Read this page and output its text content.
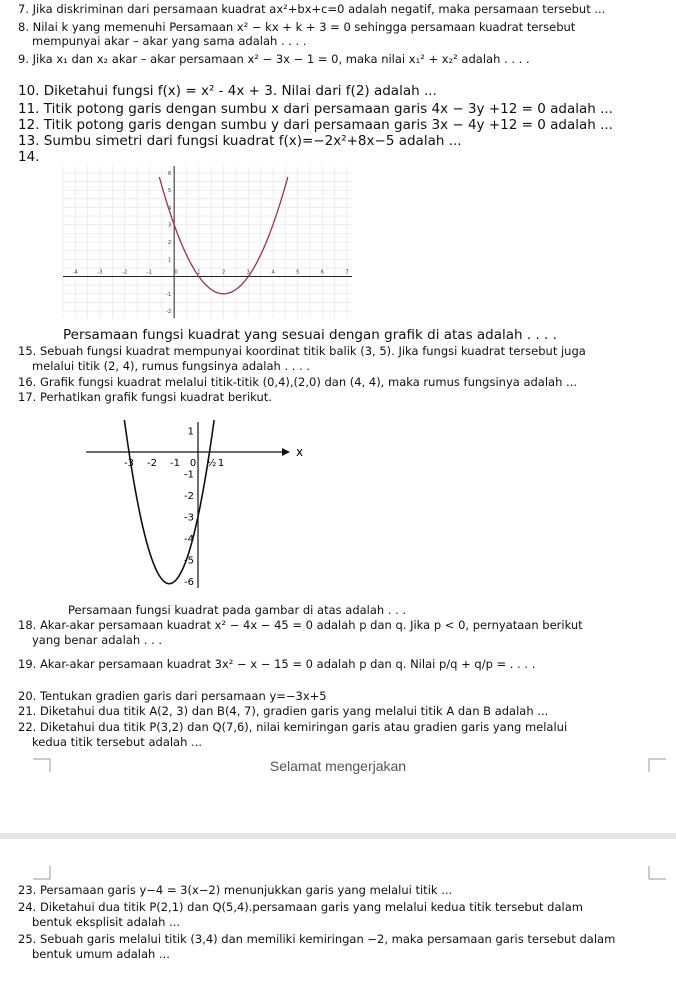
7. Jika diskriminan dari persamaan kuadrat ax²+bx+c=0 adalah negatif, maka persamaan tersebut ...
8. Nilai k yang memenuhi Persamaan x² − kx + k + 3 = 0 sehingga persamaan kuadrat tersebut
mempunyai akar – akar yang sama adalah . . . .
9. Jika x₁ dan x₂ akar – akar persamaan x² − 3x − 1 = 0, maka nilai x₁² + x₂² adalah . . . .
10. Diketahui fungsi f(x) = x² - 4x + 3. Nilai dari f(2) adalah ...
11. Titik potong garis dengan sumbu x dari persamaan garis 4x − 3y +12 = 0 adalah ...
12. Titik potong garis dengan sumbu y dari persamaan garis 3x − 4y +12 = 0 adalah ...
13. Sumbu simetri dari fungsi kuadrat f(x)=−2x²+8x−5 adalah ...
14.
-4	-3	-2	-1	0	1	2	3	4	5	6	7
-2
-1
1
2
3
4
5
6
Persamaan fungsi kuadrat yang sesuai dengan grafik di atas adalah . . . .
15. Sebuah fungsi kuadrat mempunyai koordinat titik balik (3, 5). Jika fungsi kuadrat tersebut juga
melalui titik (2, 4), rumus fungsinya adalah . . . .
16. Grafik fungsi kuadrat melalui titik-titik (0,4),(2,0) dan (4, 4), maka rumus fungsinya adalah ...
17. Perhatikan grafik fungsi kuadrat berikut.
x
-3 -2 -1 0 ½ 1
1
-1
-2
-3
-4
-5
-6
Persamaan fungsi kuadrat pada gambar di atas adalah . . .
18. Akar-akar persamaan kuadrat x² − 4x − 45 = 0 adalah p dan q. Jika p < 0, pernyataan berikut
yang benar adalah . . .
19. Akar-akar persamaan kuadrat 3x² − x − 15 = 0 adalah p dan q. Nilai p/q + q/p = . . . .
20. Tentukan gradien garis dari persamaan y=−3x+5
21. Diketahui dua titik A(2, 3) dan B(4, 7), gradien garis yang melalui titik A dan B adalah ...
22. Diketahui dua titik P(3,2) dan Q(7,6), nilai kemiringan garis atau gradien garis yang melalui
kedua titik tersebut adalah ...
Selamat mengerjakan
23. Persamaan garis y−4 = 3(x−2) menunjukkan garis yang melalui titik ...
24. Diketahui dua titik P(2,1) dan Q(5,4).persamaan garis yang melalui kedua titik tersebut dalam
bentuk eksplisit adalah ...
25. Sebuah garis melalui titik (3,4) dan memiliki kemiringan −2, maka persamaan garis tersebut dalam
bentuk umum adalah ...
